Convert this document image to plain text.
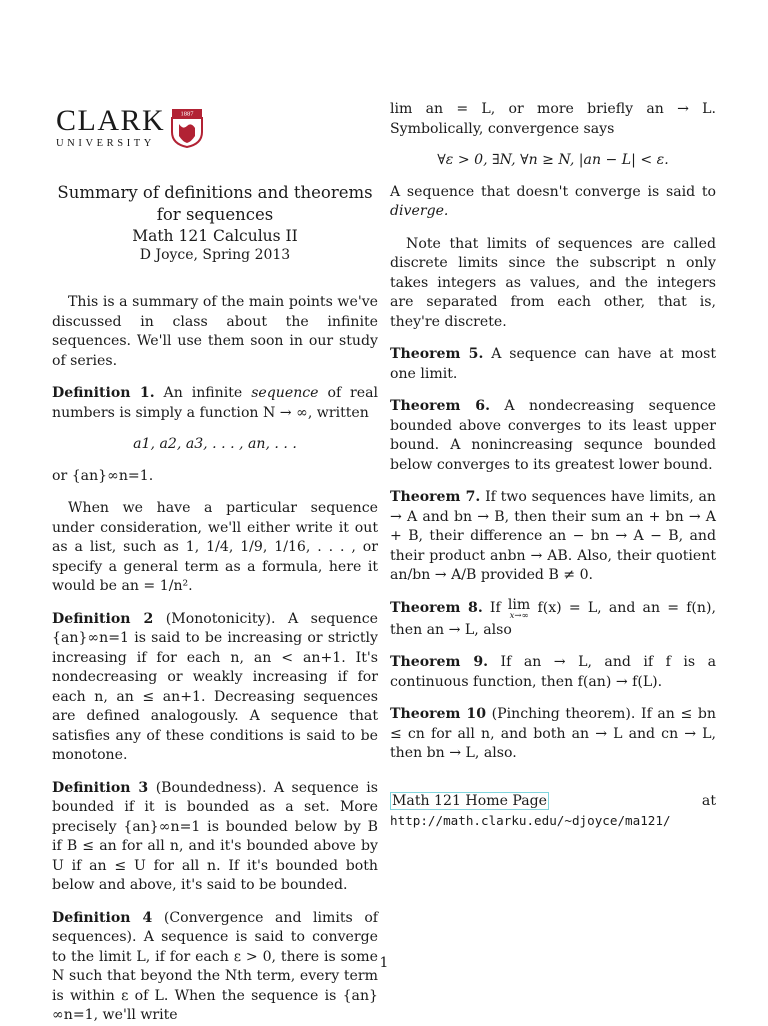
CLARK
UNIVERSITY
1887
Summary of definitions and theorems for sequences
Math 121 Calculus II
D Joyce, Spring 2013

This is a summary of the main points we've discussed in class about the infinite sequences. We'll use them soon in our study of series.

Definition 1. An infinite sequence of real numbers is simply a function N → ∞, written

a1, a2, a3, . . . , an, . . .

or {an}∞n=1.

When we have a particular sequence under consideration, we'll either write it out as a list, such as 1, 1/4, 1/9, 1/16, . . . , or specify a general term as a formula, here it would be an = 1/n².

Definition 2 (Monotonicity). A sequence {an}∞n=1 is said to be increasing or strictly increasing if for each n, an < an+1. It's nondecreasing or weakly increasing if for each n, an ≤ an+1. Decreasing sequences are defined analogously. A sequence that satisfies any of these conditions is said to be monotone.

Definition 3 (Boundedness). A sequence is bounded if it is bounded as a set. More precisely {an}∞n=1 is bounded below by B if B ≤ an for all n, and it's bounded above by U if an ≤ U for all n. If it's bounded both below and above, it's said to be bounded.

Definition 4 (Convergence and limits of sequences). A sequence is said to converge to the limit L, if for each ε > 0, there is some N such that beyond the Nth term, every term is within ε of L. When the sequence is {an}∞n=1, we'll write

lim an = L, or more briefly an → L. Symbolically, convergence says

∀ε > 0, ∃N, ∀n ≥ N, |an − L| < ε.

A sequence that doesn't converge is said to diverge.

Note that limits of sequences are called discrete limits since the subscript n only takes integers as values, and the integers are separated from each other, that is, they're discrete.

Theorem 5. A sequence can have at most one limit.

Theorem 6. A nondecreasing sequence bounded above converges to its least upper bound. A nonincreasing sequnce bounded below converges to its greatest lower bound.

Theorem 7. If two sequences have limits, an → A and bn → B, then their sum an + bn → A + B, their difference an − bn → A − B, and their product anbn → AB. Also, their quotient an/bn → A/B provided B ≠ 0.

Theorem 8. If lim
x→∞ f(x) = L, and an = f(n), then an → L, also

Theorem 9. If an → L, and if f is a continuous function, then f(an) → f(L).

Theorem 10 (Pinching theorem). If an ≤ bn ≤ cn for all n, and both an → L and cn → L, then bn → L, also.

Math 121 Home Page	at

http://math.clarku.edu/~djoyce/ma121/

1
